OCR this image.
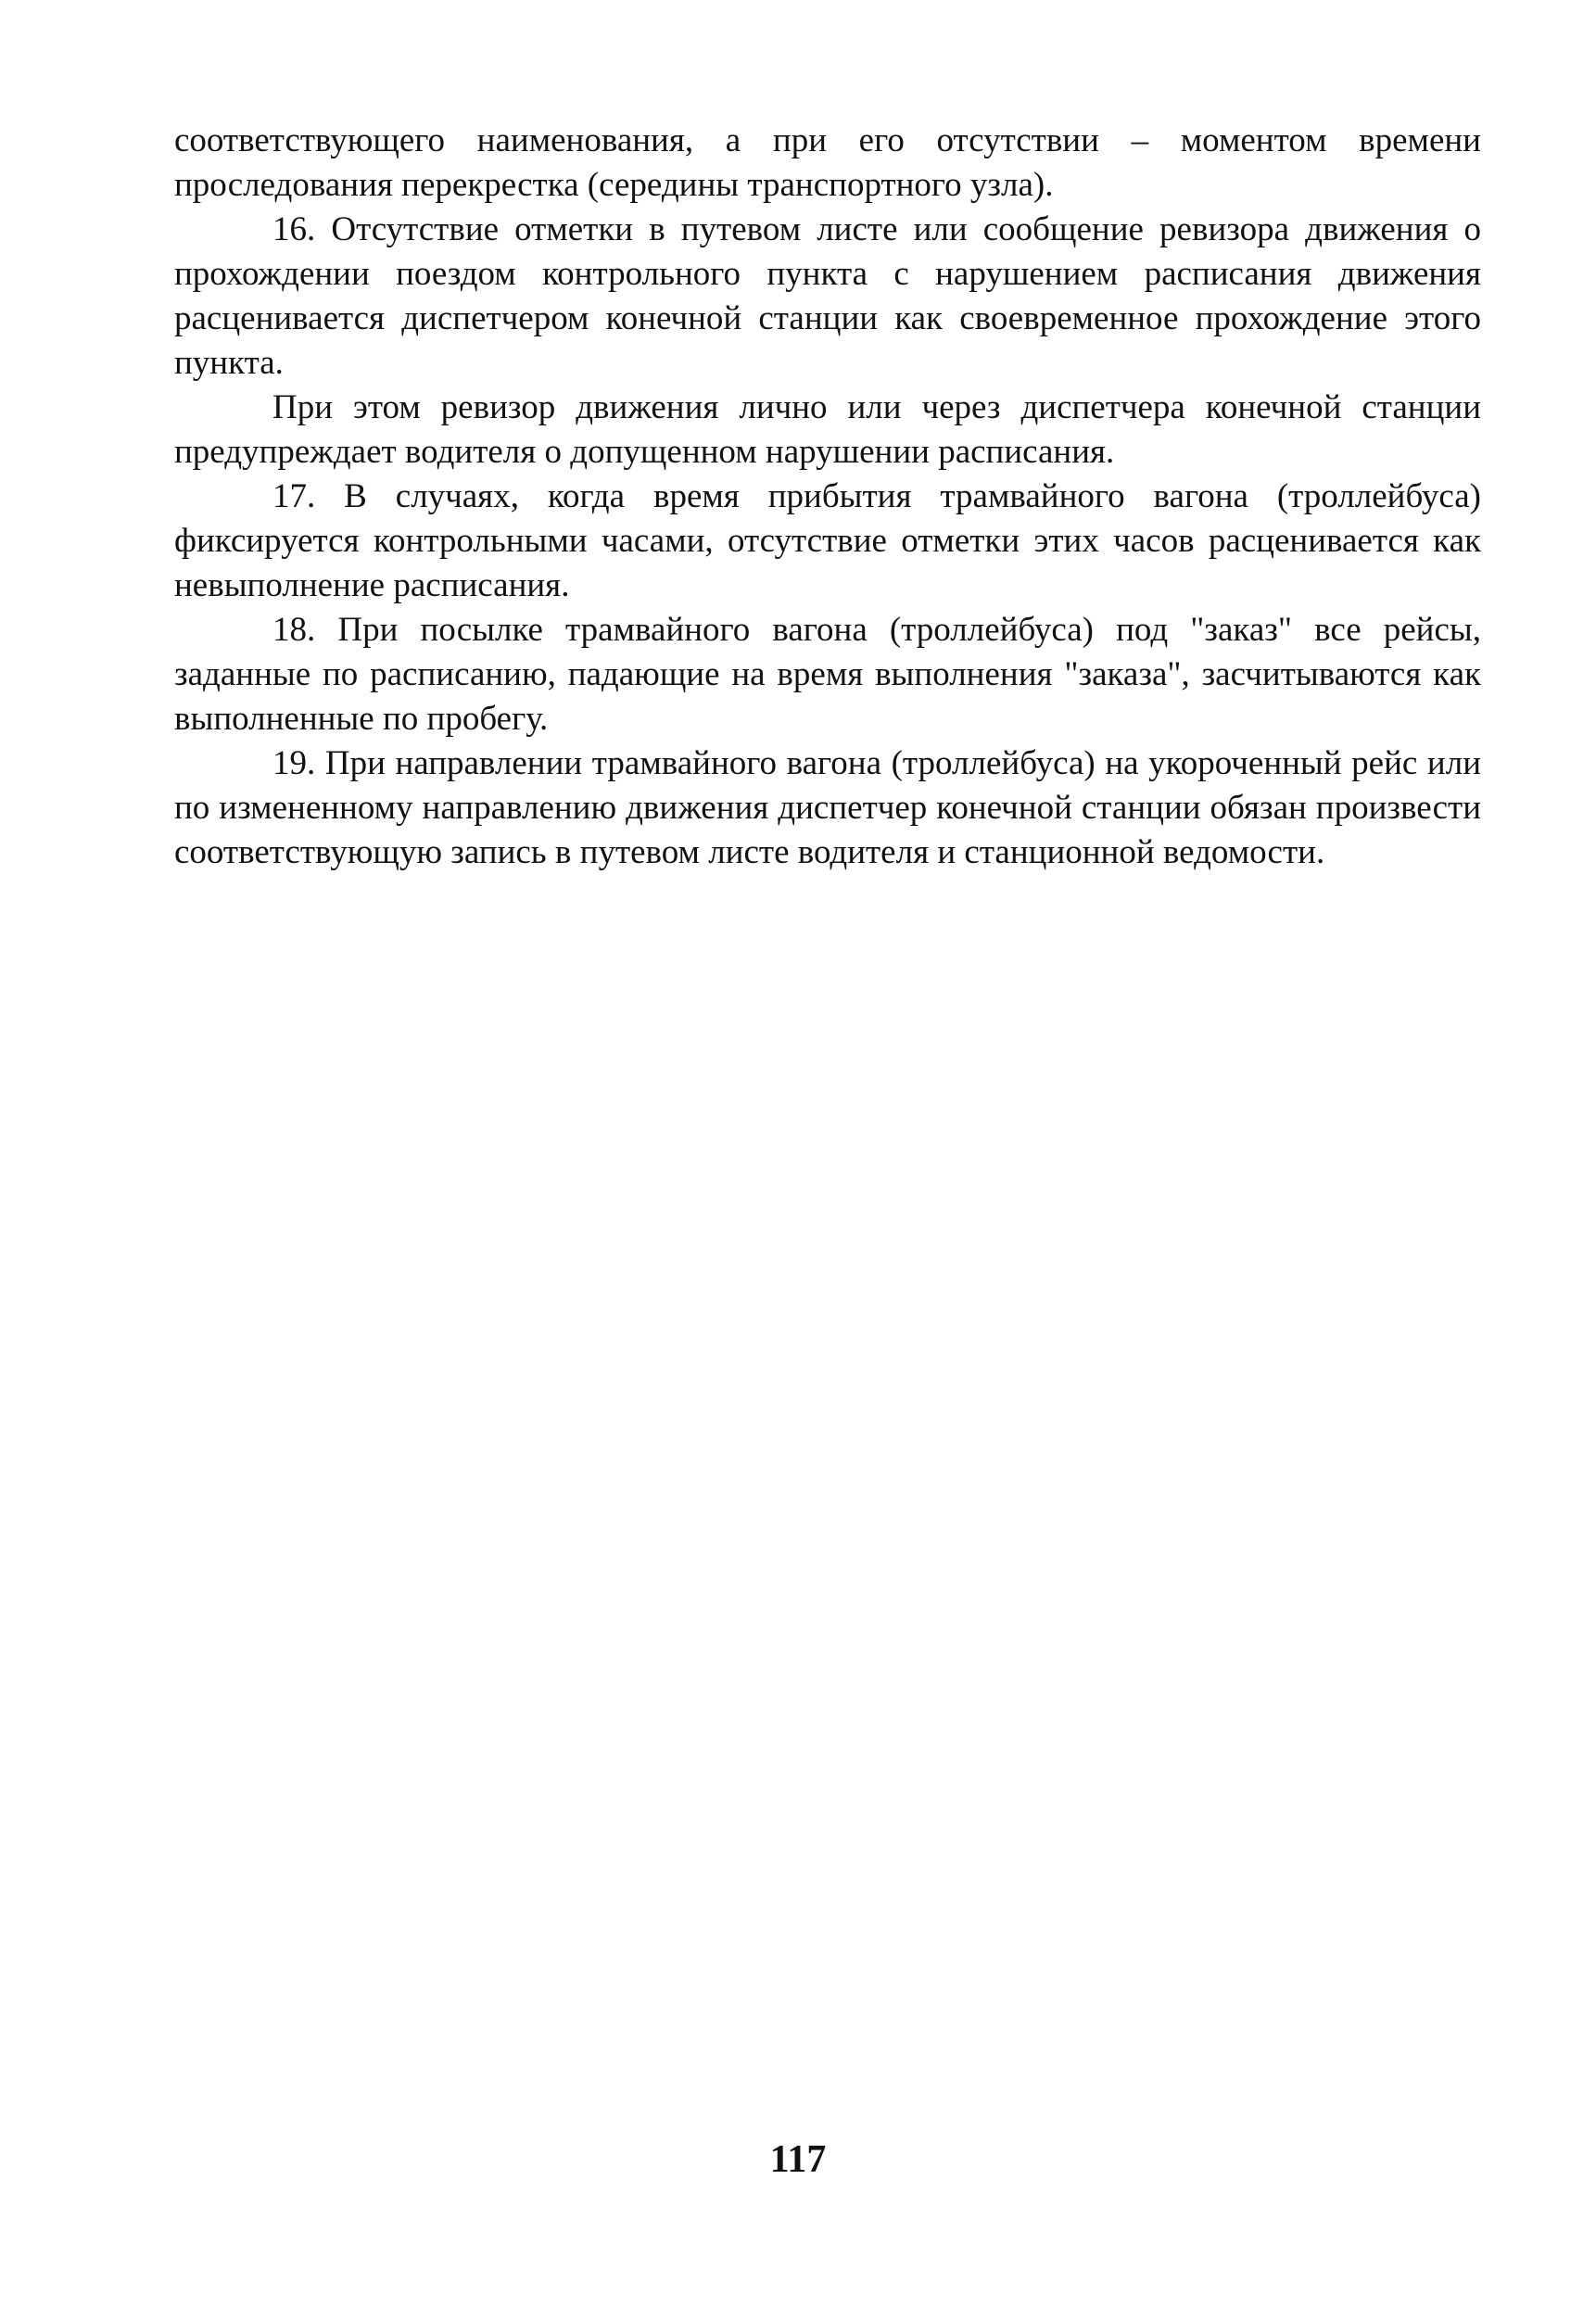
соответствующего наименования, а при его отсутствии – моментом времени проследования перекрестка (середины транспортного узла).

16. Отсутствие отметки в путевом листе или сообщение ревизора движения о прохождении поездом контрольного пункта с нарушением расписания движения расценивается диспетчером конечной станции как своевременное прохождение этого пункта.

При этом ревизор движения лично или через диспетчера конечной станции предупреждает водителя о допущенном нарушении расписания.

17. В случаях, когда время прибытия трамвайного вагона (троллейбуса) фиксируется контрольными часами, отсутствие отметки этих часов расценивается как невыполнение расписания.

18. При посылке трамвайного вагона (троллейбуса) под "заказ" все рейсы, заданные по расписанию, падающие на время выполнения "заказа", засчитываются как выполненные по пробегу.

19. При направлении трамвайного вагона (троллейбуса) на укороченный рейс или по измененному направлению движения диспетчер конечной станции обязан произвести соответствующую запись в путевом листе водителя и станционной ведомости.

117
